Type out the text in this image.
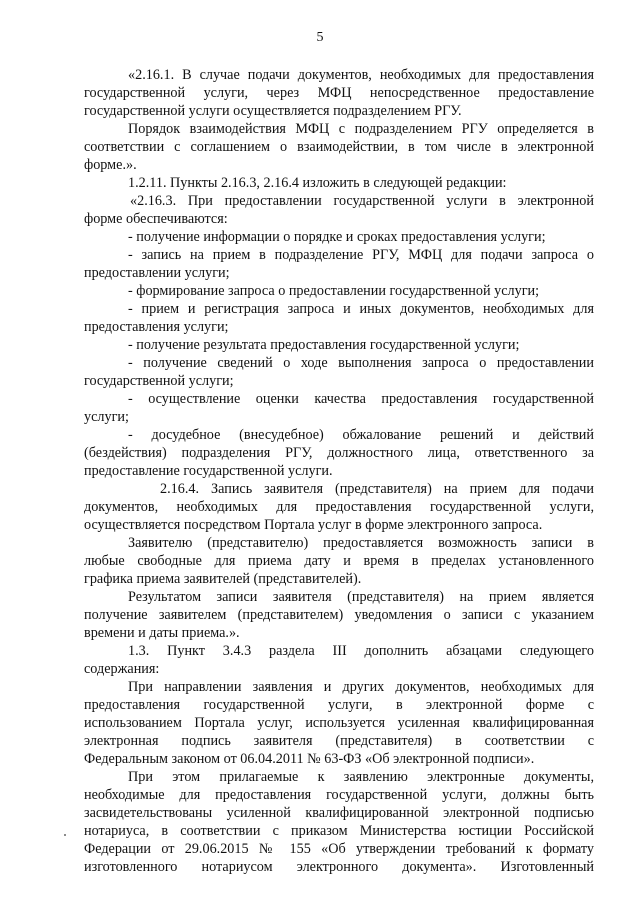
5
«2.16.1. В случае подачи документов, необходимых для предоставления
государственной услуги, через МФЦ непосредственное предоставление
государственной услуги осуществляется подразделением РГУ.
Порядок взаимодействия МФЦ с подразделением РГУ определяется в
соответствии с соглашением о взаимодействии, в том числе в электронной
форме.».
1.2.11. Пункты 2.16.3, 2.16.4 изложить в следующей редакции:
«2.16.3. При предоставлении государственной услуги в электронной
форме обеспечиваются:
- получение информации о порядке и сроках предоставления услуги;
- запись на прием в подразделение РГУ, МФЦ для подачи запроса о
предоставлении услуги;
- формирование запроса о предоставлении государственной услуги;
- прием и регистрация запроса и иных документов, необходимых для
предоставления услуги;
- получение результата предоставления государственной услуги;
- получение сведений о ходе выполнения запроса о предоставлении
государственной услуги;
- осуществление оценки качества предоставления государственной
услуги;
- досудебное (внесудебное) обжалование решений и действий
(бездействия) подразделения РГУ, должностного лица, ответственного за
предоставление государственной услуги.
2.16.4. Запись заявителя (представителя) на прием для подачи
документов, необходимых для предоставления государственной услуги,
осуществляется посредством Портала услуг в форме электронного запроса.
Заявителю (представителю) предоставляется возможность записи в
любые свободные для приема дату и время в пределах установленного
графика приема заявителей (представителей).
Результатом записи заявителя (представителя) на прием является
получение заявителем (представителем) уведомления о записи с указанием
времени и даты приема.».
1.3. Пункт 3.4.3 раздела III дополнить абзацами следующего
содержания:
При направлении заявления и других документов, необходимых для
предоставления государственной услуги, в электронной форме с
использованием Портала услуг, используется усиленная квалифицированная
электронная подпись заявителя (представителя) в соответствии с
Федеральным законом от 06.04.2011 № 63-ФЗ «Об электронной подписи».
При этом прилагаемые к заявлению электронные документы,
необходимые для предоставления государственной услуги, должны быть
засвидетельствованы усиленной квалифицированной электронной подписью
нотариуса, в соответствии с приказом Министерства юстиции Российской
Федерации от 29.06.2015 № 155 «Об утверждении требований к формату
изготовленного нотариусом электронного документа». Изготовленный
